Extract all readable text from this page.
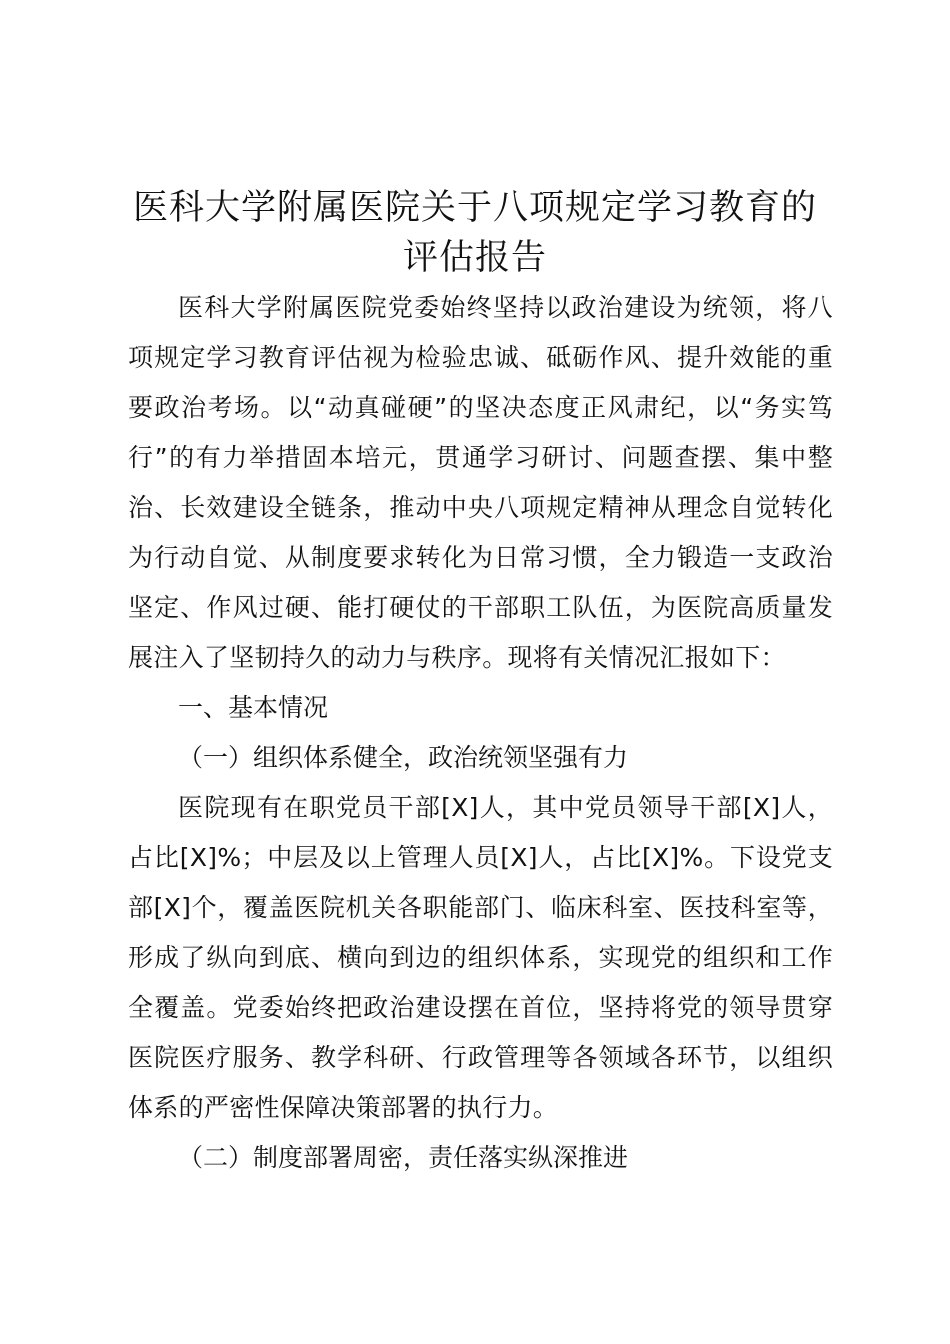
医科大学附属医院关于八项规定学习教育的评估报告

医科大学附属医院党委始终坚持以政治建设为统领，将八项规定学习教育评估视为检验忠诚、砥砺作风、提升效能的重要政治考场。以“动真碰硬”的坚决态度正风肃纪，以“务实笃行”的有力举措固本培元，贯通学习研讨、问题查摆、集中整治、长效建设全链条，推动中央八项规定精神从理念自觉转化为行动自觉、从制度要求转化为日常习惯，全力锻造一支政治坚定、作风过硬、能打硬仗的干部职工队伍，为医院高质量发展注入了坚韧持久的动力与秩序。现将有关情况汇报如下：

一、基本情况

（一）组织体系健全，政治统领坚强有力

医院现有在职党员干部[X]人，其中党员领导干部[X]人，占比[X]%；中层及以上管理人员[X]人，占比[X]%。下设党支部[X]个，覆盖医院机关各职能部门、临床科室、医技科室等，形成了纵向到底、横向到边的组织体系，实现党的组织和工作全覆盖。党委始终把政治建设摆在首位，坚持将党的领导贯穿医院医疗服务、教学科研、行政管理等各领域各环节，以组织体系的严密性保障决策部署的执行力。

（二）制度部署周密，责任落实纵深推进
